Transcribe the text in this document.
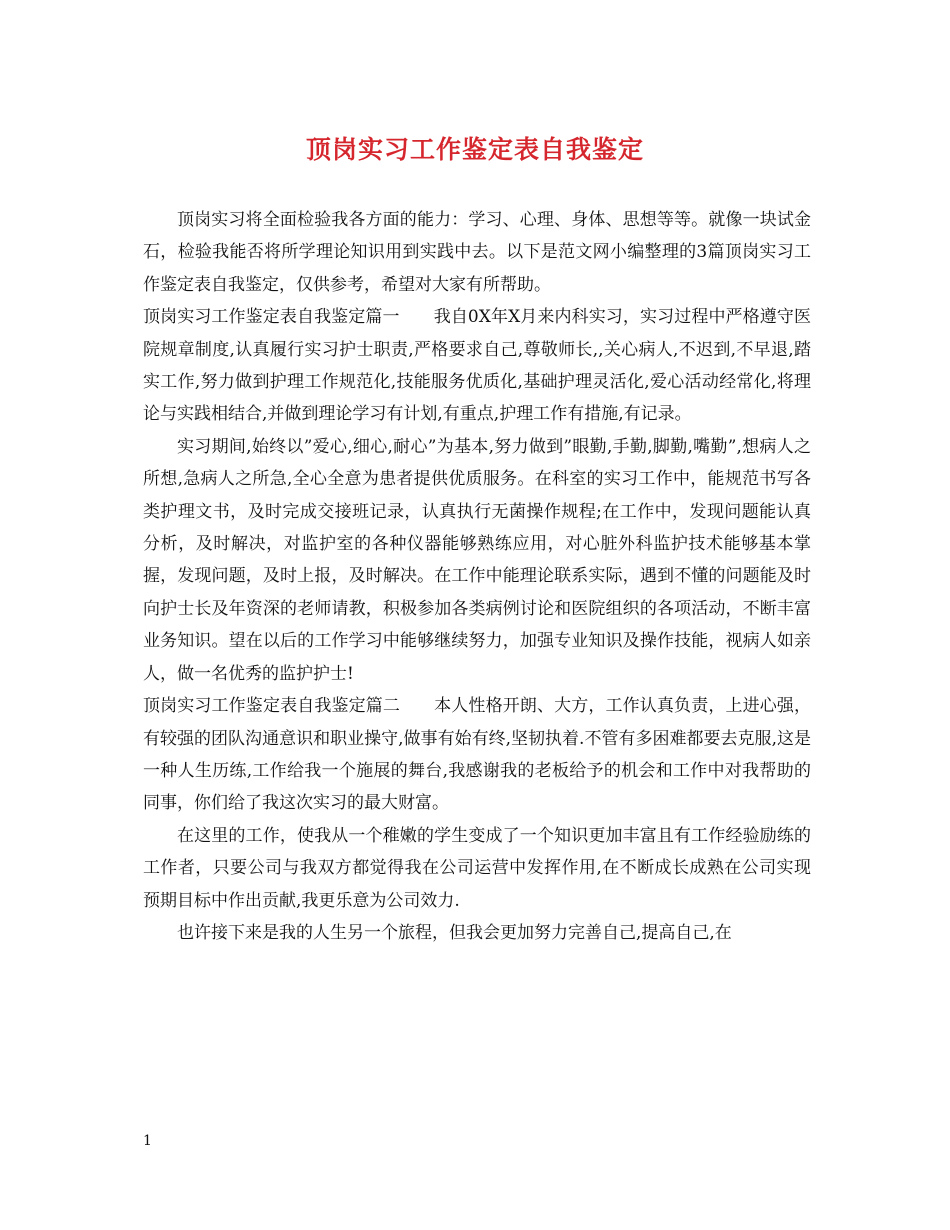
顶岗实习工作鉴定表自我鉴定

顶岗实习将全面检验我各方面的能力：学习、心理、身体、思想等等。就像一块试金石，检验我能否将所学理论知识用到实践中去。以下是范文网小编整理的3篇顶岗实习工作鉴定表自我鉴定，仅供参考，希望对大家有所帮助。

顶岗实习工作鉴定表自我鉴定篇一 我自0X年X月来内科实习，实习过程中严格遵守医院规章制度,认真履行实习护士职责,严格要求自己,尊敬师长,,关心病人,不迟到,不早退,踏实工作,努力做到护理工作规范化,技能服务优质化,基础护理灵活化,爱心活动经常化,将理论与实践相结合,并做到理论学习有计划,有重点,护理工作有措施,有记录。

实习期间,始终以”爱心,细心,耐心”为基本,努力做到”眼勤,手勤,脚勤,嘴勤”,想病人之所想,急病人之所急,全心全意为患者提供优质服务。在科室的实习工作中，能规范书写各类护理文书，及时完成交接班记录，认真执行无菌操作规程;在工作中，发现问题能认真分析，及时解决，对监护室的各种仪器能够熟练应用，对心脏外科监护技术能够基本掌握，发现问题，及时上报，及时解决。在工作中能理论联系实际，遇到不懂的问题能及时向护士长及年资深的老师请教，积极参加各类病例讨论和医院组织的各项活动，不断丰富业务知识。望在以后的工作学习中能够继续努力，加强专业知识及操作技能，视病人如亲人，做一名优秀的监护护士!

顶岗实习工作鉴定表自我鉴定篇二 本人性格开朗、大方，工作认真负责，上进心强，有较强的团队沟通意识和职业操守,做事有始有终,坚韧执着.不管有多困难都要去克服,这是一种人生历练,工作给我一个施展的舞台,我感谢我的老板给予的机会和工作中对我帮助的同事，你们给了我这次实习的最大财富。

在这里的工作，使我从一个稚嫩的学生变成了一个知识更加丰富且有工作经验励练的工作者，只要公司与我双方都觉得我在公司运营中发挥作用,在不断成长成熟在公司实现预期目标中作出贡献,我更乐意为公司效力.

也许接下来是我的人生另一个旅程，但我会更加努力完善自己,提高自己,在

1
